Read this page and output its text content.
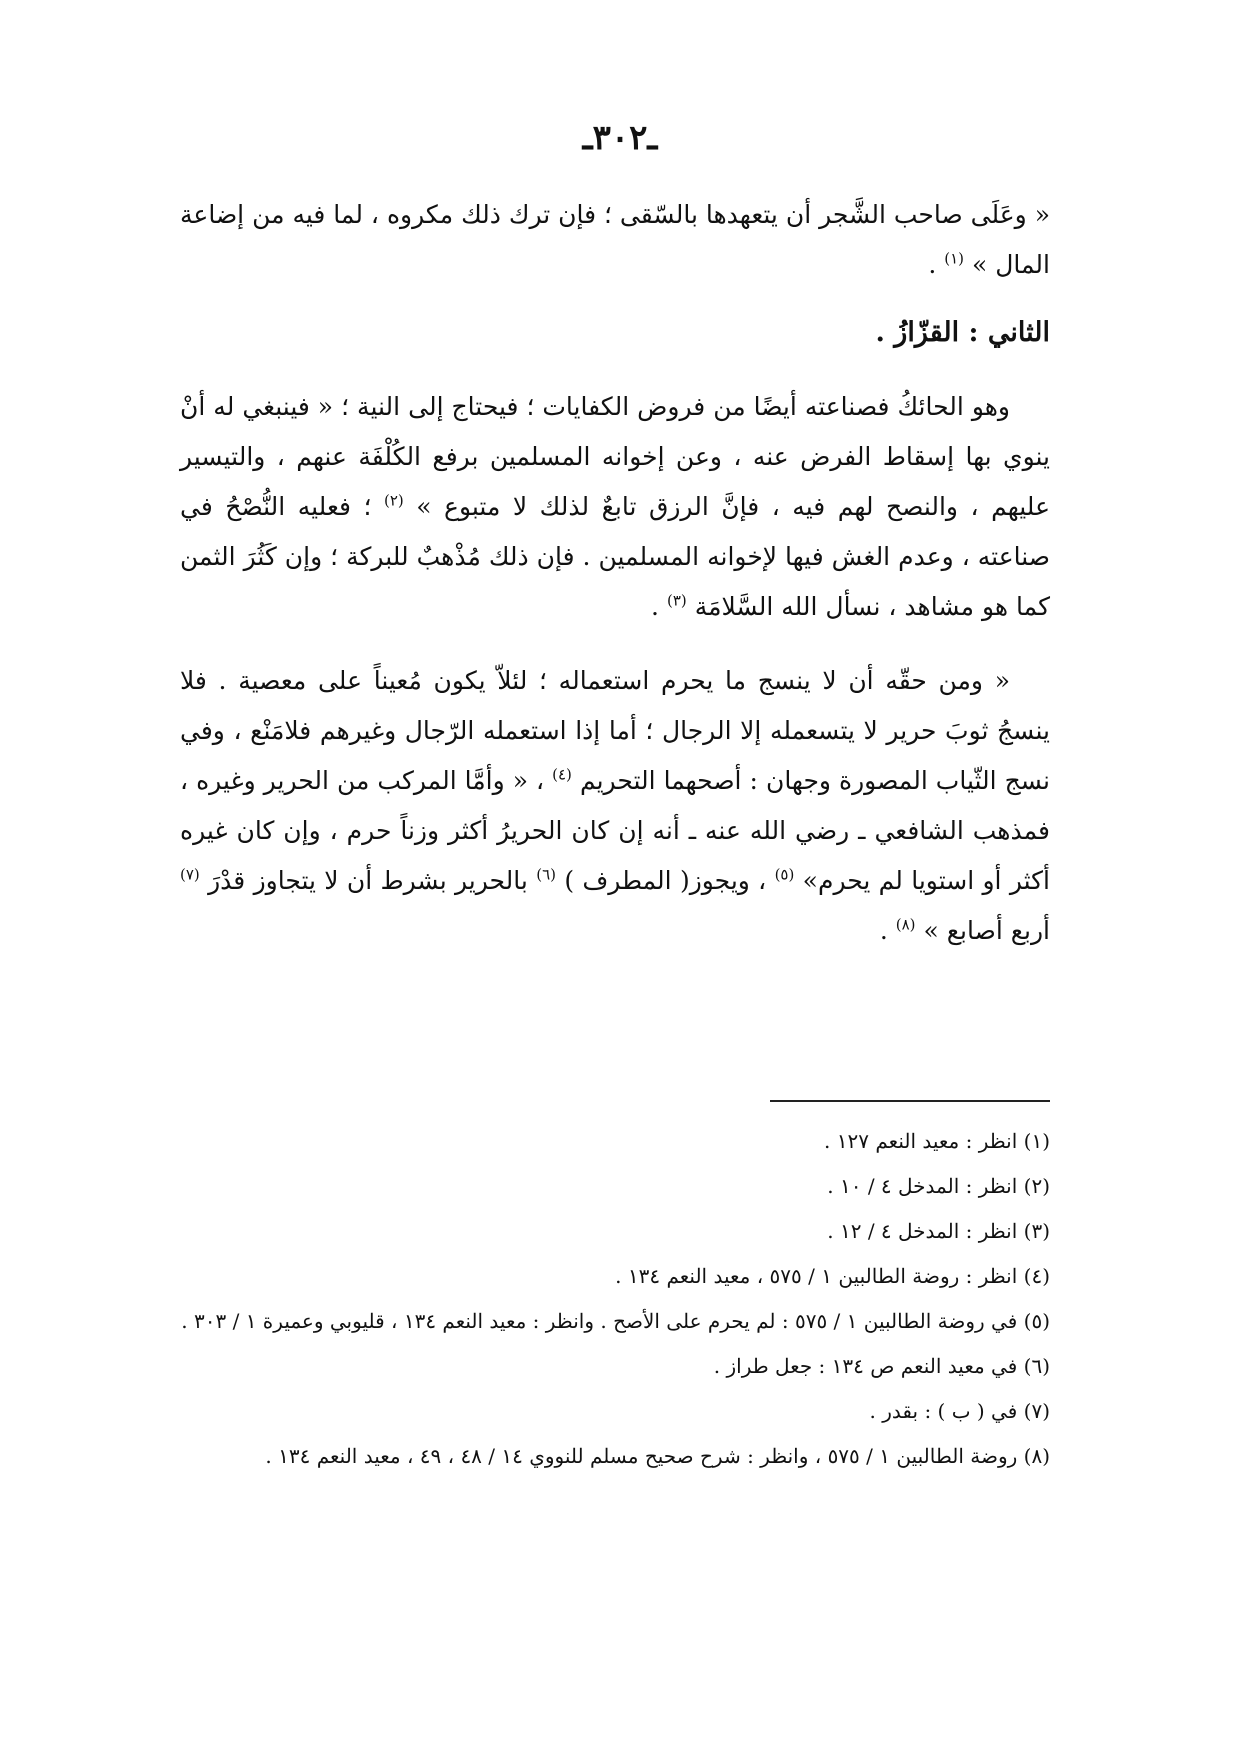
ـ٣٠٢ـ

« وعَلَى صاحب الشَّجر أن يتعهدها بالسّقى ؛ فإن ترك ذلك مكروه ، لما فيه من إضاعة المال » $^{(١)}$ .

الثاني : القزّازُ .

وهو الحائكُ فصناعته أيضًا من فروض الكفايات ؛ فيحتاج إلى النية ؛ « فينبغي له أنْ ينوي بها إسقاط الفرض عنه ، وعن إخوانه المسلمين برفع الكُلْفَة عنهم ، والتيسير عليهم ، والنصح لهم فيه ، فإنَّ الرزق تابعٌ لذلك لا متبوع » $^{(٢)}$ ؛ فعليه النُّصْحُ في صناعته ، وعدم الغش فيها لإخوانه المسلمين . فإن ذلك مُذْهبٌ للبركة ؛ وإن كَثُرَ الثمن كما هو مشاهد ، نسأل الله السَّلامَة $^{(٣)}$ .

« ومن حقّه أن لا ينسج ما يحرم استعماله ؛ لئلاّ يكون مُعيناً على معصية . فلا ينسجُ ثوبَ حرير لا يتسعمله إلا الرجال ؛ أما إذا استعمله الرّجال وغيرهم فلامَنْع ، وفي نسج الثّياب المصورة وجهان : أصحهما التحريم $^{(٤)}$ ، « وأمَّا المركب من الحرير وغيره ، فمذهب الشافعي ـ رضي الله عنه ـ أنه إن كان الحريرُ أكثر وزناً حرم ، وإن كان غيره أكثر أو استويا لم يحرم» $^{(٥)}$ ، ويجوز( المطرف ) $^{(٦)}$ بالحرير بشرط أن لا يتجاوز قدْرَ $^{(٧)}$ أربع أصابع » $^{(٨)}$ .

(١) انظر : معيد النعم ١٢٧ .

(٢) انظر : المدخل ٤ / ١٠ .

(٣) انظر : المدخل ٤ / ١٢ .

(٤) انظر : روضة الطالبين ١ / ٥٧٥ ، معيد النعم ١٣٤ .

(٥) في روضة الطالبين ١ / ٥٧٥ : لم يحرم على الأصح . وانظر : معيد النعم ١٣٤ ، قليوبي وعميرة ١ / ٣٠٣ .

(٦) في معيد النعم ص ١٣٤ : جعل طراز .

(٧) في ( ب ) : بقدر .

(٨) روضة الطالبين ١ / ٥٧٥ ، وانظر : شرح صحيح مسلم للنووي ١٤ / ٤٨ ، ٤٩ ، معيد النعم ١٣٤ .
